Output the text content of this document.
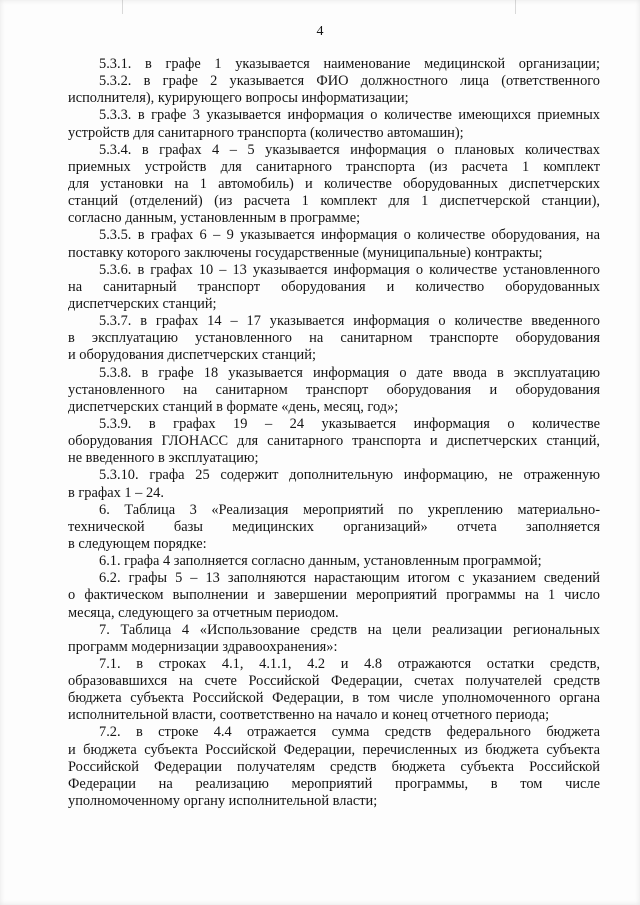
4
5.3.1. в графе 1 указывается наименование медицинской организации;
5.3.2. в графе 2 указывается ФИО должностного лица (ответственного
исполнителя), курирующего вопросы информатизации;
5.3.3. в графе 3 указывается информация о количестве имеющихся приемных
устройств для санитарного транспорта (количество автомашин);
5.3.4. в графах 4 – 5 указывается информация о плановых количествах
приемных устройств для санитарного транспорта (из расчета 1 комплект
для установки на 1 автомобиль) и количестве оборудованных диспетчерских
станций (отделений) (из расчета 1 комплект для 1 диспетчерской станции),
согласно данным, установленным в программе;
5.3.5. в графах 6 – 9 указывается информация о количестве оборудования, на
поставку которого заключены государственные (муниципальные) контракты;
5.3.6. в графах 10 – 13 указывается информация о количестве установленного
на санитарный транспорт оборудования и количество оборудованных
диспетчерских станций;
5.3.7. в графах 14 – 17 указывается информация о количестве введенного
в эксплуатацию установленного на санитарном транспорте оборудования
и оборудования диспетчерских станций;
5.3.8. в графе 18 указывается информация о дате ввода в эксплуатацию
установленного на санитарном транспорт оборудования и оборудования
диспетчерских станций в формате «день, месяц, год»;
5.3.9. в графах 19 – 24 указывается информация о количестве
оборудования ГЛОНАСС для санитарного транспорта и диспетчерских станций,
не введенного в эксплуатацию;
5.3.10. графа 25 содержит дополнительную информацию, не отраженную
в графах 1 – 24.
6. Таблица 3 «Реализация мероприятий по укреплению материально-
технической базы медицинских организаций» отчета заполняется
в следующем порядке:
6.1. графа 4 заполняется согласно данным, установленным программой;
6.2. графы 5 – 13 заполняются нарастающим итогом с указанием сведений
о фактическом выполнении и завершении мероприятий программы на 1 число
месяца, следующего за отчетным периодом.
7. Таблица 4 «Использование средств на цели реализации региональных
программ модернизации здравоохранения»:
7.1. в строках 4.1, 4.1.1, 4.2 и 4.8 отражаются остатки средств,
образовавшихся на счете Российской Федерации, счетах получателей средств
бюджета субъекта Российской Федерации, в том числе уполномоченного органа
исполнительной власти, соответственно на начало и конец отчетного периода;
7.2. в строке 4.4 отражается сумма средств федерального бюджета
и бюджета субъекта Российской Федерации, перечисленных из бюджета субъекта
Российской Федерации получателям средств бюджета субъекта Российской
Федерации на реализацию мероприятий программы, в том числе
уполномоченному органу исполнительной власти;
